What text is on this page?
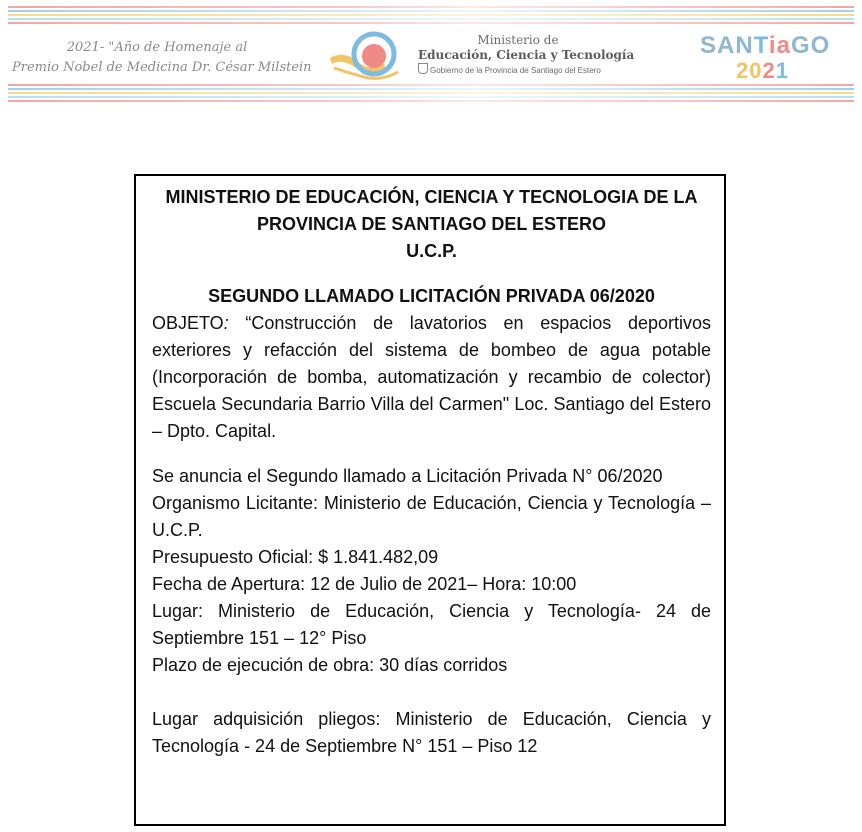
2021- "Año de Homenaje al
Premio Nobel de Medicina Dr. César Milstein
Ministerio de
Educación, Ciencia y Tecnología
Gobierno de la Provincia de Santiago del Estero
SANTiaGO
2021
MINISTERIO DE EDUCACIÓN, CIENCIA Y TECNOLOGIA DE LA
PROVINCIA DE SANTIAGO DEL ESTERO
U.C.P.
SEGUNDO LLAMADO LICITACIÓN PRIVADA 06/2020
OBJETO: “Construcción de lavatorios en espacios deportivos exteriores y refacción del sistema de bombeo de agua potable (Incorporación de bomba, automatización y recambio de colector) Escuela Secundaria Barrio Villa del Carmen" Loc. Santiago del Estero – Dpto. Capital.
Se anuncia el Segundo llamado a Licitación Privada N° 06/2020
Organismo Licitante: Ministerio de Educación, Ciencia y Tecnología – U.C.P.
Presupuesto Oficial: $ 1.841.482,09
Fecha de Apertura: 12 de Julio de 2021– Hora: 10:00
Lugar: Ministerio de Educación, Ciencia y Tecnología- 24 de Septiembre 151 – 12° Piso
Plazo de ejecución de obra: 30 días corridos
Lugar adquisición pliegos: Ministerio de Educación, Ciencia y Tecnología - 24 de Septiembre N° 151 – Piso 12
